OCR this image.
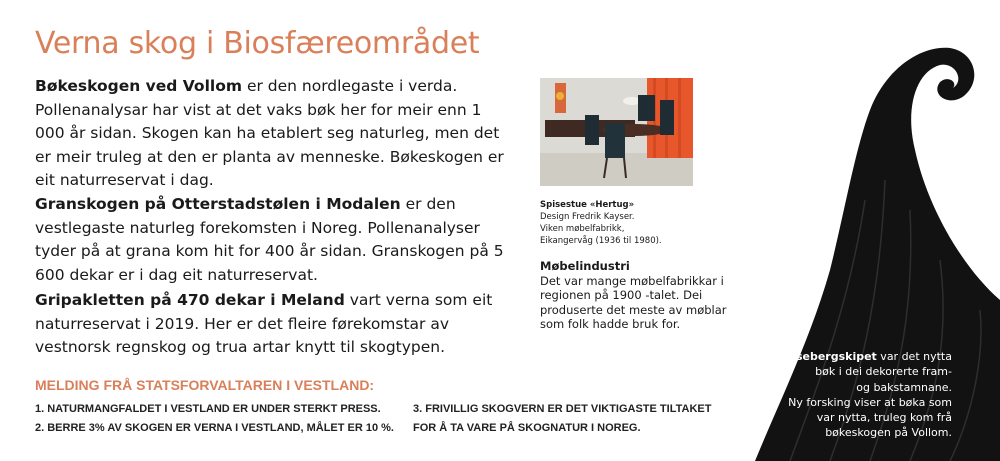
Verna skog i Biosfæreområdet
Bøkeskogen ved Vollom er den nordlegaste i verda. Pollenanalysar har vist at det vaks bøk her for meir enn 1 000 år sidan. Skogen kan ha etablert seg naturleg, men det er meir truleg at den er planta av menneske. Bøkeskogen er eit naturreservat i dag.
Granskogen på Otterstadstølen i Modalen er den vestlegaste naturleg forekomsten i Noreg. Pollenanalyser tyder på at grana kom hit for 400 år sidan. Granskogen på 5 600 dekar er i dag eit naturreservat.
Gripakletten på 470 dekar i Meland vart verna som eit naturreservat i 2019. Her er det fleire førekomstar av vestnorsk regnskog og trua artar knytt til skogtypen.
MELDING FRÅ STATSFORVALTAREN I VESTLAND:
1. NATURMANGFALDET I VESTLAND ER UNDER STERKT PRESS.
2. BERRE 3% AV SKOGEN ER VERNA I VESTLAND, MÅLET ER 10 %.
3. FRIVILLIG SKOGVERN ER DET VIKTIGASTE TILTAKET
FOR Å TA VARE PÅ SKOGNATUR I NOREG.
Spisestue «Hertug»
Design Fredrik Kayser.
Viken møbelfabrikk,
Eikangervåg (1936 til 1980).
Møbelindustri
Det var mange møbelfabrikkar i regionen på 1900 -talet. Dei produserte det meste av møblar som folk hadde bruk for.
I Osebergskipet var det nytta
bøk i dei dekorerte fram-
og bakstamnane.
Ny forsking viser at bøka som
var nytta, truleg kom frå
bøkeskogen på Vollom.
